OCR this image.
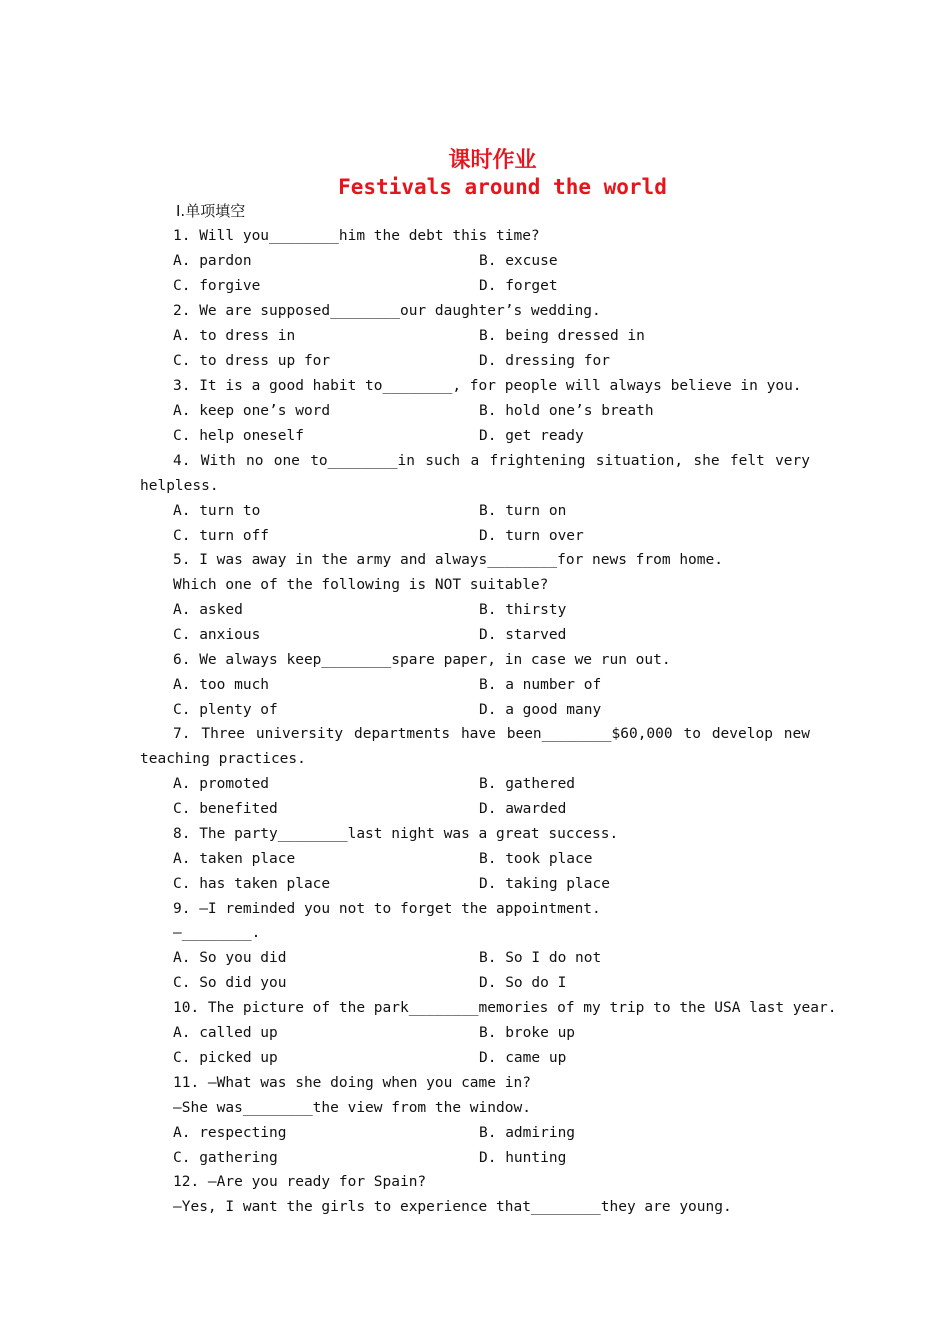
课时作业
Festivals around the world
Ⅰ.单项填空
1. Will you________him the debt this time?
A. pardon	B. excuse
C. forgive	D. forget
2. We are supposed________our daughter’s wedding.
A. to dress in	B. being dressed in
C. to dress up for	D. dressing for
3. It is a good habit to________, for people will always believe in you.
A. keep one’s word	B. hold one’s breath
C. help oneself	D. get ready
4. With no one to________in such a frightening situation, she felt very
helpless.
A. turn to	B. turn on
C. turn off	D. turn over
5. I was away in the army and always________for news from home.
Which one of the following is NOT suitable?
A. asked	B. thirsty
C. anxious	D. starved
6. We always keep________spare paper, in case we run out.
A. too much	B. a number of
C. plenty of	D. a good many
7. Three university departments have been________$60,000 to develop new
teaching practices.
A. promoted	B. gathered
C. benefited	D. awarded
8. The party________last night was a great success.
A. taken place	B. took place
C. has taken place	D. taking place
9. —I reminded you not to forget the appointment.
—________.
A. So you did	B. So I do not
C. So did you	D. So do I
10. The picture of the park________memories of my trip to the USA last year.
A. called up	B. broke up
C. picked up	D. came up
11. —What was she doing when you came in?
—She was________the view from the window.
A. respecting	B. admiring
C. gathering	D. hunting
12. —Are you ready for Spain?
—Yes, I want the girls to experience that________they are young.
